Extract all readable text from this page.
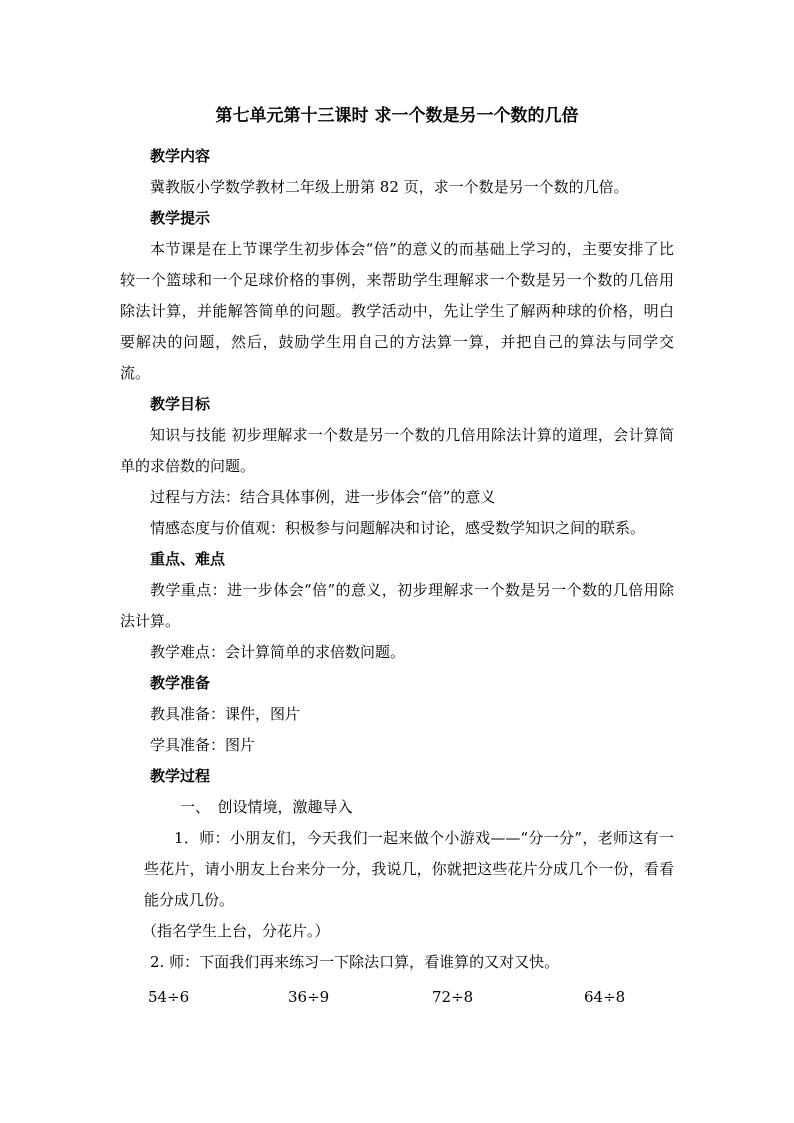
第七单元第十三课时 求一个数是另一个数的几倍

教学内容

冀教版小学数学教材二年级上册第 82 页，求一个数是另一个数的几倍。

教学提示

本节课是在上节课学生初步体会“倍”的意义的而基础上学习的，主要安排了比较一个篮球和一个足球价格的事例，来帮助学生理解求一个数是另一个数的几倍用除法计算，并能解答简单的问题。教学活动中，先让学生了解两种球的价格，明白要解决的问题，然后，鼓励学生用自己的方法算一算，并把自己的算法与同学交流。

教学目标

知识与技能 初步理解求一个数是另一个数的几倍用除法计算的道理，会计算简单的求倍数的问题。

过程与方法：结合具体事例，进一步体会“倍”的意义

情感态度与价值观：积极参与问题解决和讨论，感受数学知识之间的联系。

重点、难点

教学重点：进一步体会“倍”的意义，初步理解求一个数是另一个数的几倍用除法计算。

教学难点：会计算简单的求倍数问题。

教学准备

教具准备：课件，图片

学具准备：图片

教学过程

一、　创设情境，激趣导入

1．师：小朋友们，今天我们一起来做个小游戏——“分一分”，老师这有一些花片，请小朋友上台来分一分，我说几，你就把这些花片分成几个一份，看看能分成几份。

（指名学生上台，分花片。）

2. 师：下面我们再来练习一下除法口算，看谁算的又对又快。

54÷6	36÷9	72÷8	64÷8
